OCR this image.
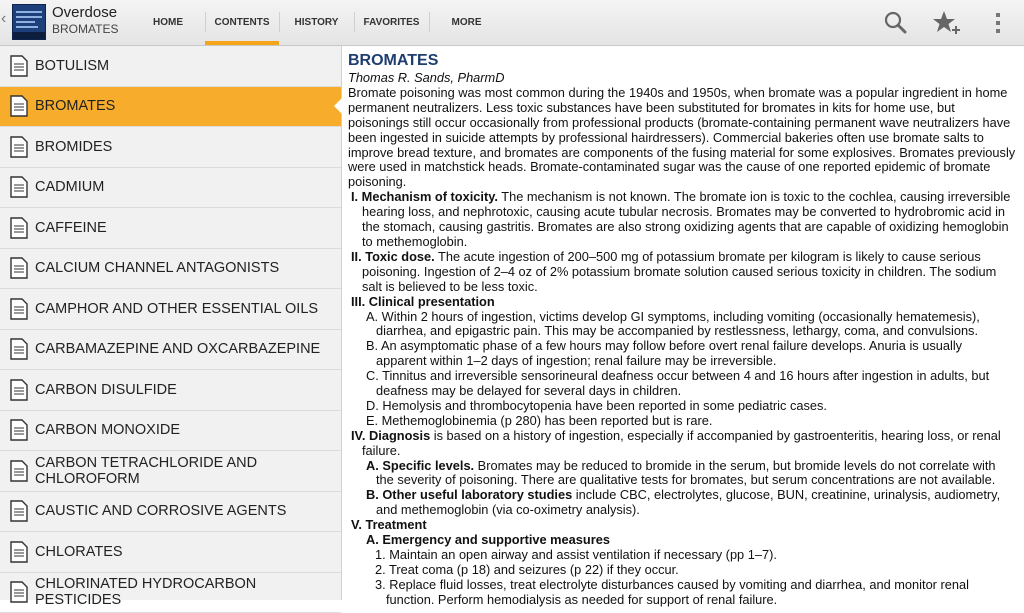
‹	Overdose
BROMATES	HOME	CONTENTS	HISTORY	FAVORITES	MORE
BOTULISM
BROMATES
BROMIDES
CADMIUM
CAFFEINE
CALCIUM CHANNEL ANTAGONISTS
CAMPHOR AND OTHER ESSENTIAL OILS
CARBAMAZEPINE AND OXCARBAZEPINE
CARBON DISULFIDE
CARBON MONOXIDE
CARBON TETRACHLORIDE AND CHLOROFORM
CAUSTIC AND CORROSIVE AGENTS
CHLORATES
CHLORINATED HYDROCARBON PESTICIDES
BROMATES
Thomas R. Sands, PharmD
Bromate poisoning was most common during the 1940s and 1950s, when bromate was a popular ingredient in home permanent neutralizers. Less toxic substances have been substituted for bromates in kits for home use, but poisonings still occur occasionally from professional products (bromate-containing permanent wave neutralizers have been ingested in suicide attempts by professional hairdressers). Commercial bakeries often use bromate salts to improve bread texture, and bromates are components of the fusing material for some explosives. Bromates previously were used in matchstick heads. Bromate-contaminated sugar was the cause of one reported epidemic of bromate poisoning.
I. Mechanism of toxicity. The mechanism is not known. The bromate ion is toxic to the cochlea, causing irreversible hearing loss, and nephrotoxic, causing acute tubular necrosis. Bromates may be converted to hydrobromic acid in the stomach, causing gastritis. Bromates are also strong oxidizing agents that are capable of oxidizing hemoglobin to methemoglobin.
II. Toxic dose. The acute ingestion of 200–500 mg of potassium bromate per kilogram is likely to cause serious poisoning. Ingestion of 2–4 oz of 2% potassium bromate solution caused serious toxicity in children. The sodium salt is believed to be less toxic.
III. Clinical presentation
A. Within 2 hours of ingestion, victims develop GI symptoms, including vomiting (occasionally hematemesis), diarrhea, and epigastric pain. This may be accompanied by restlessness, lethargy, coma, and convulsions.
B. An asymptomatic phase of a few hours may follow before overt renal failure develops. Anuria is usually apparent within 1–2 days of ingestion; renal failure may be irreversible.
C. Tinnitus and irreversible sensorineural deafness occur between 4 and 16 hours after ingestion in adults, but deafness may be delayed for several days in children.
D. Hemolysis and thrombocytopenia have been reported in some pediatric cases.
E. Methemoglobinemia (p 280) has been reported but is rare.
IV. Diagnosis is based on a history of ingestion, especially if accompanied by gastroenteritis, hearing loss, or renal failure.
A. Specific levels. Bromates may be reduced to bromide in the serum, but bromide levels do not correlate with the severity of poisoning. There are qualitative tests for bromates, but serum concentrations are not available.
B. Other useful laboratory studies include CBC, electrolytes, glucose, BUN, creatinine, urinalysis, audiometry, and methemoglobin (via co-oximetry analysis).
V. Treatment
A. Emergency and supportive measures
1. Maintain an open airway and assist ventilation if necessary (pp 1–7).
2. Treat coma (p 18) and seizures (p 22) if they occur.
3. Replace fluid losses, treat electrolyte disturbances caused by vomiting and diarrhea, and monitor renal function. Perform hemodialysis as needed for support of renal failure.
